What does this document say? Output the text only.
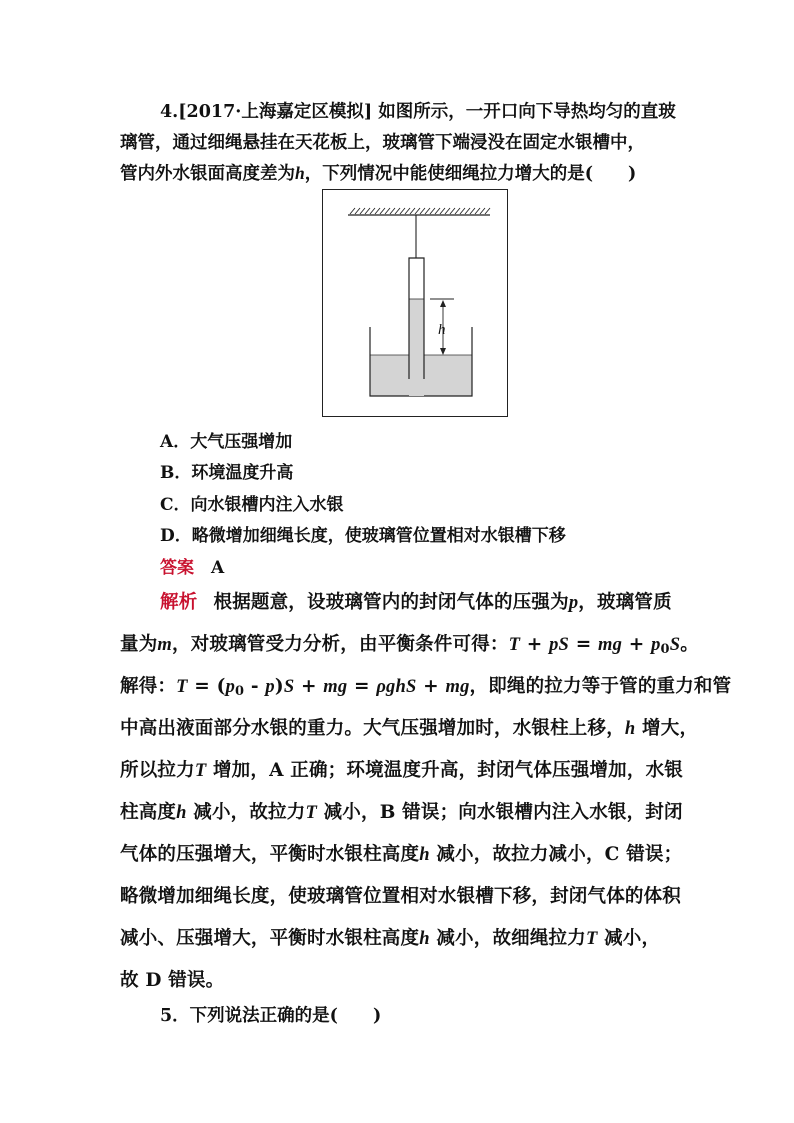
4.[2017·上海嘉定区模拟] 如图所示，一开口向下导热均匀的直玻
璃管，通过细绳悬挂在天花板上，玻璃管下端浸没在固定水银槽中，
管内外水银面高度差为h，下列情况中能使细绳拉力增大的是(　　)
h
A．大气压强增加
B．环境温度升高
C．向水银槽内注入水银
D．略微增加细绳长度，使玻璃管位置相对水银槽下移
答案  A
解析  根据题意，设玻璃管内的封闭气体的压强为p，玻璃管质
量为m，对玻璃管受力分析，由平衡条件可得：T + pS = mg + $p_0S$。
解得：$T = (p_0 - p)S$ + mg = ρghS + mg，即绳的拉力等于管的重力和管
中高出液面部分水银的重力。大气压强增加时，水银柱上移，h 增大，
所以拉力T 增加，A 正确；环境温度升高，封闭气体压强增加，水银
柱高度h 减小，故拉力T 减小，B 错误；向水银槽内注入水银，封闭
气体的压强增大，平衡时水银柱高度h 减小，故拉力减小，C 错误；
略微增加细绳长度，使玻璃管位置相对水银槽下移，封闭气体的体积
减小、压强增大，平衡时水银柱高度h 减小，故细绳拉力T 减小，
故 D 错误。
5．下列说法正确的是(　　)
